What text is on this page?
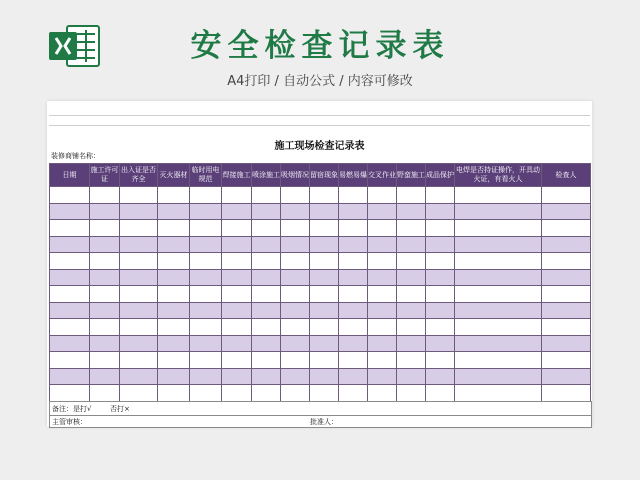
安全检查记录表
A4打印 / 自动公式 / 内容可修改
施工现场检查记录表
装修商铺名称：
日期	施工许可证	出入证是否齐全	灭火器材	临时用电规范	焊接施工	喷涂施工	吸烟情况	留宿现象	易燃易爆	交叉作业	野蛮施工	成品保护	电焊是否持证操作，开具动火证，有看火人	检查人

备注：是打√	否打×
主管审核：	批准人：
